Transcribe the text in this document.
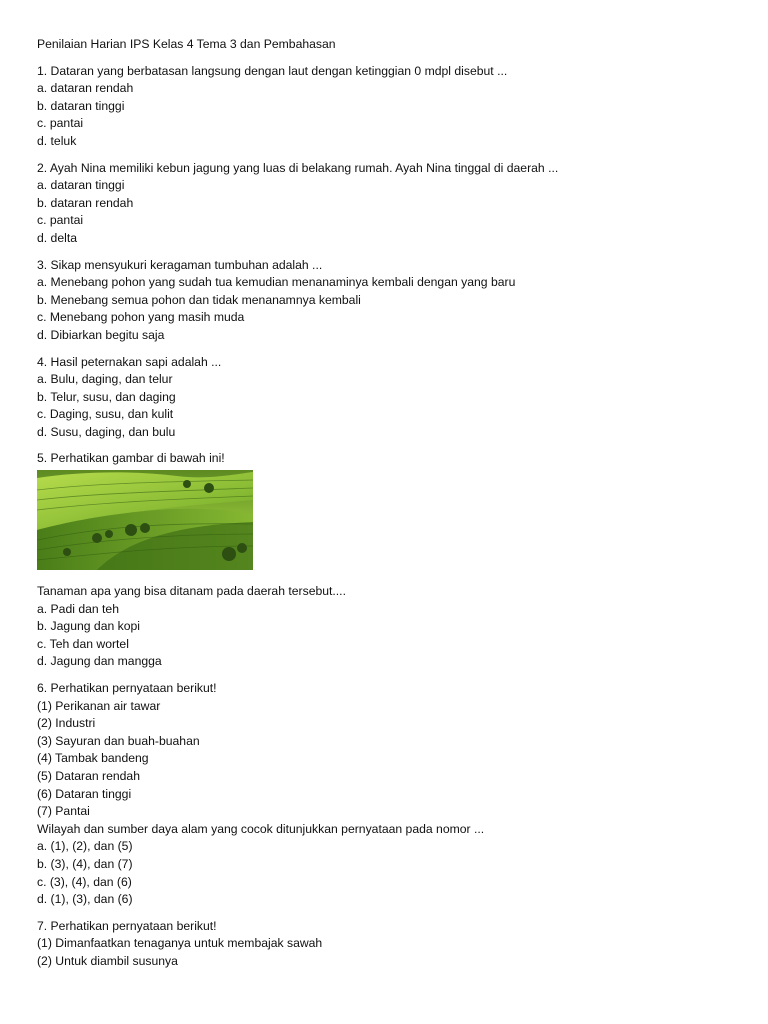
Penilaian Harian IPS Kelas 4 Tema 3 dan Pembahasan
1. Dataran yang berbatasan langsung dengan laut dengan ketinggian 0 mdpl disebut ...
a. dataran rendah
b. dataran tinggi
c. pantai
d. teluk
2. Ayah Nina memiliki kebun jagung yang luas di belakang rumah. Ayah Nina tinggal di daerah ...
a. dataran tinggi
b. dataran rendah
c. pantai
d. delta
3. Sikap mensyukuri keragaman tumbuhan adalah ...
a. Menebang pohon yang sudah tua kemudian menanaminya kembali dengan yang baru
b. Menebang semua pohon dan tidak menanamnya kembali
c. Menebang pohon yang masih muda
d. Dibiarkan begitu saja
4. Hasil peternakan sapi adalah ...
a. Bulu, daging, dan telur
b. Telur, susu, dan daging
c. Daging, susu, dan kulit
d. Susu, daging, dan bulu
5. Perhatikan gambar di bawah ini!
Tanaman apa yang bisa ditanam pada daerah tersebut....
a. Padi dan teh
b. Jagung dan kopi
c. Teh dan wortel
d. Jagung dan mangga
6. Perhatikan pernyataan berikut!
(1) Perikanan air tawar
(2) Industri
(3) Sayuran dan buah-buahan
(4) Tambak bandeng
(5) Dataran rendah
(6) Dataran tinggi
(7) Pantai
Wilayah dan sumber daya alam yang cocok ditunjukkan pernyataan pada nomor ...
a. (1), (2), dan (5)
b. (3), (4), dan (7)
c. (3), (4), dan (6)
d. (1), (3), dan (6)
7. Perhatikan pernyataan berikut!
(1) Dimanfaatkan tenaganya untuk membajak sawah
(2) Untuk diambil susunya
